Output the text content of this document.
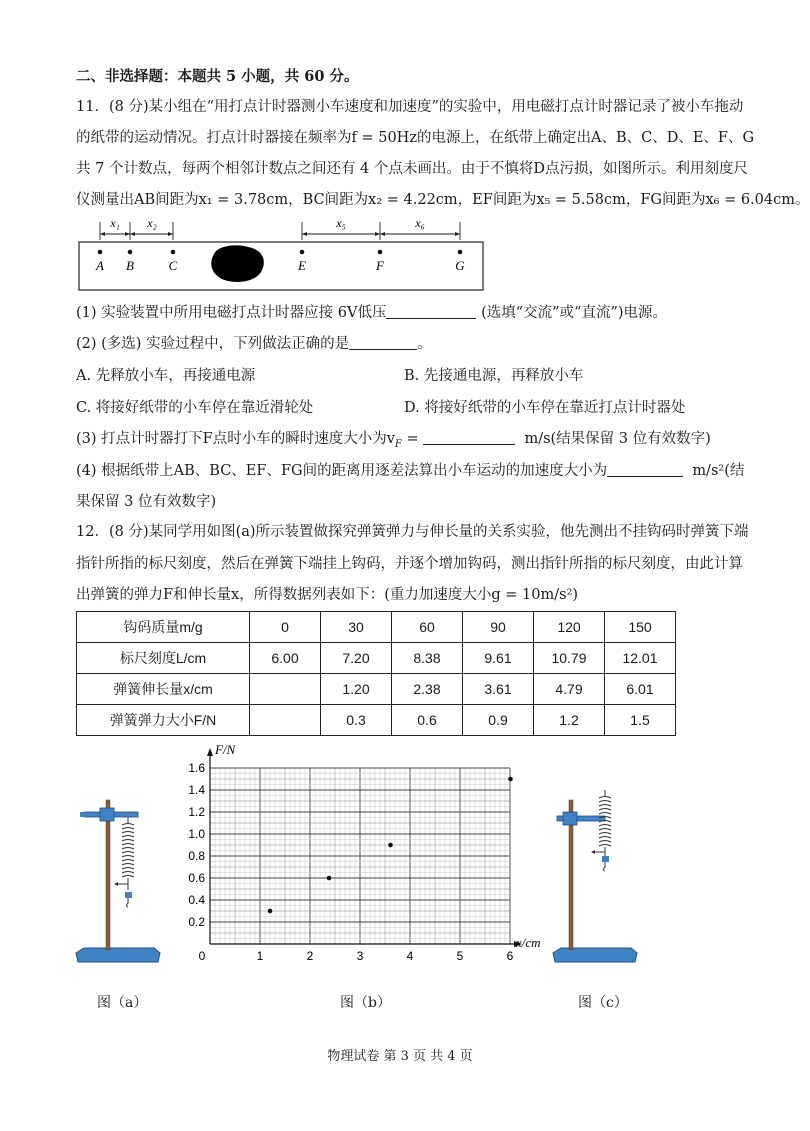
二、非选择题：本题共 5 小题，共 60 分。
11．(8 分)某小组在“用打点计时器测小车速度和加速度”的实验中，用电磁打点计时器记录了被小车拖动
的纸带的运动情况。打点计时器接在频率为f = 50Hz的电源上，在纸带上确定出A、B、C、D、E、F、G
共 7 个计数点，每两个相邻计数点之间还有 4 个点未画出。由于不慎将D点污损，如图所示。利用刻度尺
仪测量出AB间距为x₁ = 3.78cm，BC间距为x₂ = 4.22cm，EF间距为x₅ = 5.58cm，FG间距为x₆ = 6.04cm。
x₁ x₂	x₅	x₆
A B	C	E	F	G
(1) 实验装置中所用电磁打点计时器应接 6V低压	(选填“交流”或“直流”)电源。
(2) (多选) 实验过程中，下列做法正确的是	。
A. 先释放小车，再接通电源	B. 先接通电源，再释放小车
C. 将接好纸带的小车停在靠近滑轮处	D. 将接好纸带的小车停在靠近打点计时器处
(3) 打点计时器打下F点时小车的瞬时速度大小为$v_F$ =	m/s(结果保留 3 位有效数字)
(4) 根据纸带上AB、BC、EF、FG间的距离用逐差法算出小车运动的加速度大小为	m/s²(结
果保留 3 位有效数字)
12．(8 分)某同学用如图(a)所示装置做探究弹簧弹力与伸长量的关系实验，他先测出不挂钩码时弹簧下端
指针所指的标尺刻度，然后在弹簧下端挂上钩码，并逐个增加钩码，测出指针所指的标尺刻度，由此计算
出弹簧的弹力F和伸长量x，所得数据列表如下：(重力加速度大小g = 10m/s²)
钩码质量m/g	0	30	60	90	120	150
标尺刻度L/cm	6.00	7.20	8.38	9.61	10.79	12.01
弹簧伸长量x/cm		1.20	2.38	3.61	4.79	6.01
弹簧弹力大小F/N		0.3	0.6	0.9	1.2	1.5
F/N
x/cm
0	1	2	3	4	5	6
0.2
0.4
0.6
0.8
1.0
1.2
1.4
1.6
图（a）	图（b）	图（c）
物理试卷 第 3 页 共 4 页
